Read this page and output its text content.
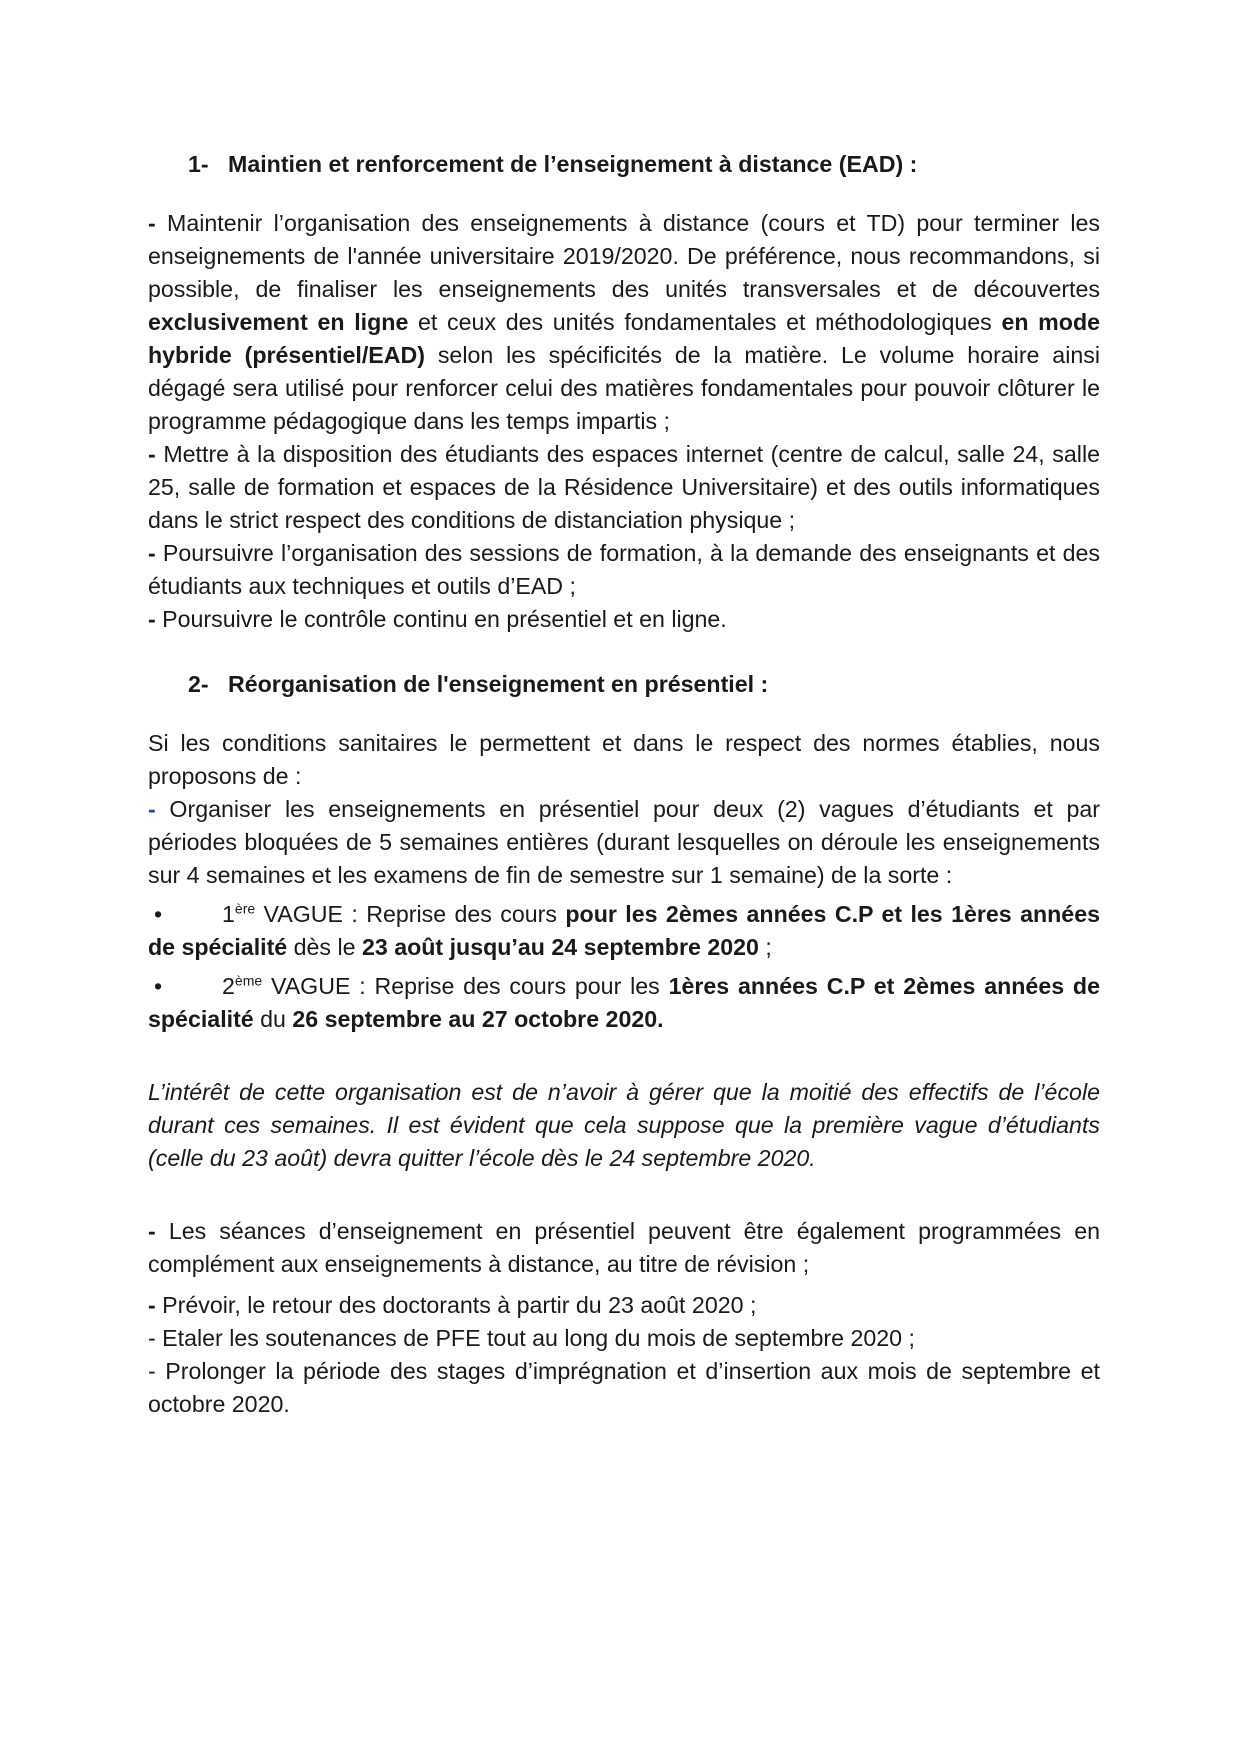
1- Maintien et renforcement de l’enseignement à distance (EAD) :

- Maintenir l’organisation des enseignements à distance (cours et TD) pour terminer les enseignements de l'année universitaire 2019/2020. De préférence, nous recommandons, si possible, de finaliser les enseignements des unités transversales et de découvertes exclusivement en ligne et ceux des unités fondamentales et méthodologiques en mode hybride (présentiel/EAD) selon les spécificités de la matière. Le volume horaire ainsi dégagé sera utilisé pour renforcer celui des matières fondamentales pour pouvoir clôturer le programme pédagogique dans les temps impartis ;

- Mettre à la disposition des étudiants des espaces internet (centre de calcul, salle 24, salle 25, salle de formation et espaces de la Résidence Universitaire) et des outils informatiques dans le strict respect des conditions de distanciation physique ;

- Poursuivre l’organisation des sessions de formation, à la demande des enseignants et des étudiants aux techniques et outils d’EAD ;

- Poursuivre le contrôle continu en présentiel et en ligne.

2- Réorganisation de l'enseignement en présentiel :

Si les conditions sanitaires le permettent et dans le respect des normes établies, nous proposons de :

- Organiser les enseignements en présentiel pour deux (2) vagues d’étudiants et par périodes bloquées de 5 semaines entières (durant lesquelles on déroule les enseignements sur 4 semaines et les examens de fin de semestre sur 1 semaine) de la sorte :

•	1ère VAGUE : Reprise des cours pour les 2èmes années C.P et les 1ères années de spécialité dès le 23 août jusqu’au 24 septembre 2020 ;

•	2ème VAGUE : Reprise des cours pour les 1ères années C.P et 2èmes années de spécialité du 26 septembre au 27 octobre 2020.

L’intérêt de cette organisation est de n’avoir à gérer que la moitié des effectifs de l’école durant ces semaines. Il est évident que cela suppose que la première vague d’étudiants (celle du 23 août) devra quitter l’école dès le 24 septembre 2020.

- Les séances d’enseignement en présentiel peuvent être également programmées en complément aux enseignements à distance, au titre de révision ;

- Prévoir, le retour des doctorants à partir du 23 août 2020 ;

- Etaler les soutenances de PFE tout au long du mois de septembre 2020 ;

- Prolonger la période des stages d’imprégnation et d’insertion aux mois de septembre et octobre 2020.
